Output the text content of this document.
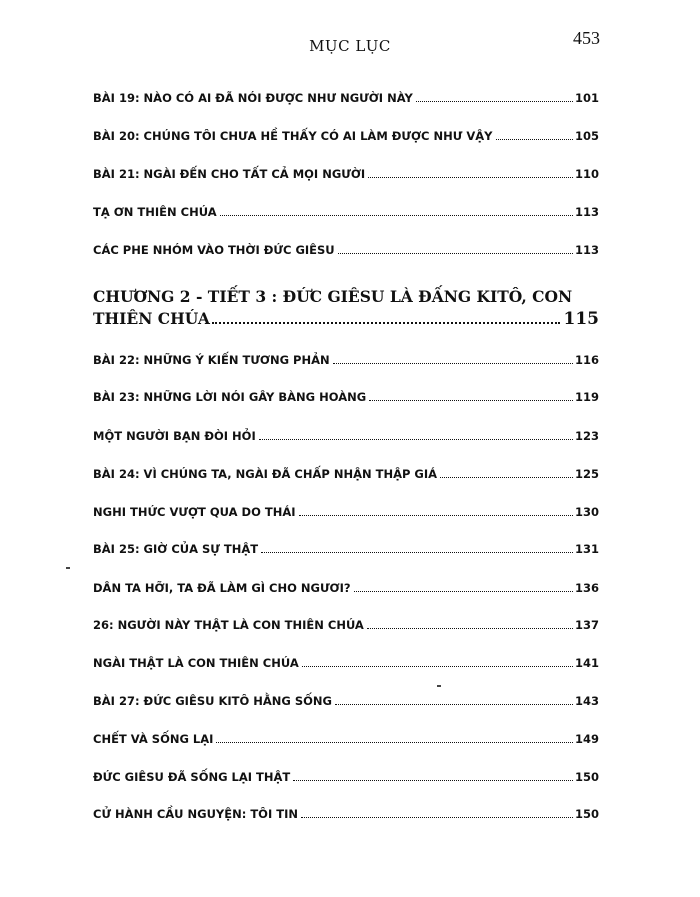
MỤC LỤC	453
BÀI 19: NÀO CÓ AI ĐÃ NÓI ĐƯỢC NHƯ NGƯỜI NÀY	101
BÀI 20: CHÚNG TÔI CHƯA HỀ THẤY CÓ AI LÀM ĐƯỢC NHƯ VẬY	105
BÀI 21: NGÀI ĐẾN CHO TẤT CẢ MỌI NGƯỜI	110
TẠ ƠN THIÊN CHÚA	113
CÁC PHE NHÓM VÀO THỜI ĐỨC GIÊSU	113
CHƯƠNG 2 - TIẾT 3 : ĐỨC GIÊSU LÀ ĐẤNG KITÔ, CON
THIÊN CHÚA	115
BÀI 22: NHỮNG Ý KIẾN TƯƠNG PHẢN	116
BÀI 23: NHỮNG LỜI NÓI GÂY BÀNG HOÀNG	119
MỘT NGƯỜI BẠN ĐÒI HỎI	123
BÀI 24: VÌ CHÚNG TA, NGÀI ĐÃ CHẤP NHẬN THẬP GIÁ	125
NGHI THỨC VƯỢT QUA DO THÁI	130
BÀI 25: GIỜ CỦA SỰ THẬT	131
DÂN TA HỠI, TA ĐÃ LÀM GÌ CHO NGƯƠI?	136
26: NGƯỜI NÀY THẬT LÀ CON THIÊN CHÚA	137
NGÀI THẬT LÀ CON THIÊN CHÚA	141
BÀI 27: ĐỨC GIÊSU KITÔ HẰNG SỐNG	143
CHẾT VÀ SỐNG LẠI	149
ĐỨC GIÊSU ĐÃ SỐNG LẠI THẬT	150
CỬ HÀNH CẦU NGUYỆN: TÔI TIN	150
